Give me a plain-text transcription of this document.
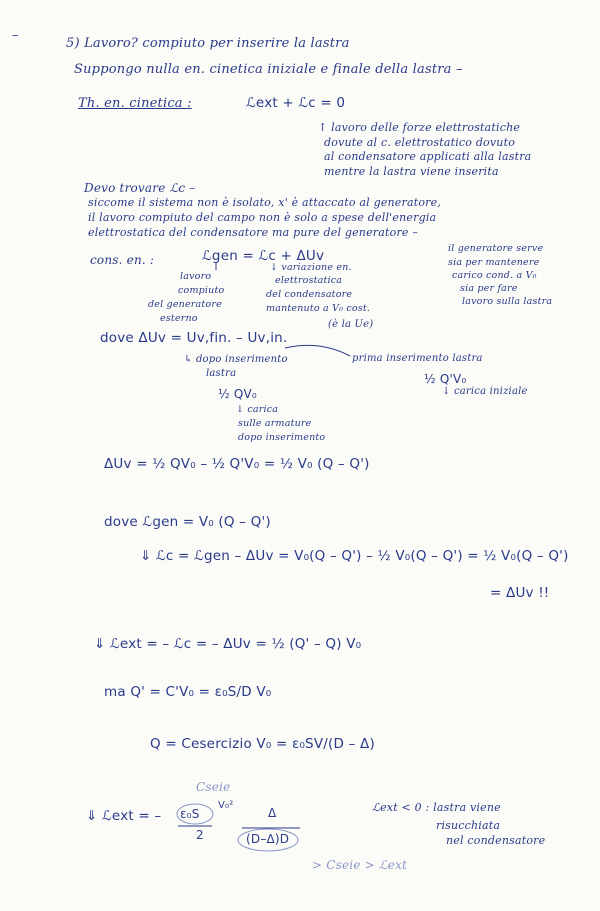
–
5) Lavoro? compiuto per inserire la lastra
Suppongo nulla en. cinetica iniziale e finale della lastra –
Th. en. cinetica :	ℒext + ℒc = 0
↑ lavoro delle forze elettrostatiche
dovute al c. elettrostatico dovuto
al condensatore applicati alla lastra
mentre la lastra viene inserita
Devo trovare ℒc –
siccome il sistema non è isolato, x' è attaccato al generatore,
il lavoro compiuto del campo non è solo a spese dell'energia
elettrostatica del condensatore ma pure del generatore –
cons. en. :	ℒgen = ℒc + ΔUv
lavoro
compiuto
del generatore
esterno
↓ variazione en.
elettrostatica
del condensatore
mantenuto a V₀ cost.
(è la Ue)
il generatore serve
sia per mantenere
carico cond. a V₀
sia per fare
lavoro sulla lastra
dove ΔUv = Uv,fin. – Uv,in.
↳ dopo inserimento
lastra
prima inserimento lastra
½ Q'V₀
↓ carica iniziale
½ QV₀
↓ carica
sulle armature
dopo inserimento
ΔUv = ½ QV₀ – ½ Q'V₀ = ½ V₀ (Q – Q')
dove ℒgen = V₀ (Q – Q')
⇓ ℒc = ℒgen – ΔUv = V₀(Q – Q') – ½ V₀(Q – Q') = ½ V₀(Q – Q')
= ΔUv !!
⇓ ℒext = – ℒc = – ΔUv = ½ (Q' – Q) V₀
ma Q' = C'V₀ = ε₀S/D V₀
Q = Cesercizio V₀ = ε₀SV/(D – Δ)
Cseie
⇓ ℒext = – ε₀S
V₀²
2
Δ
(D–Δ)D
ℒext < 0 : lastra viene
risucchiata
nel condensatore
> Cseie > ℒext
